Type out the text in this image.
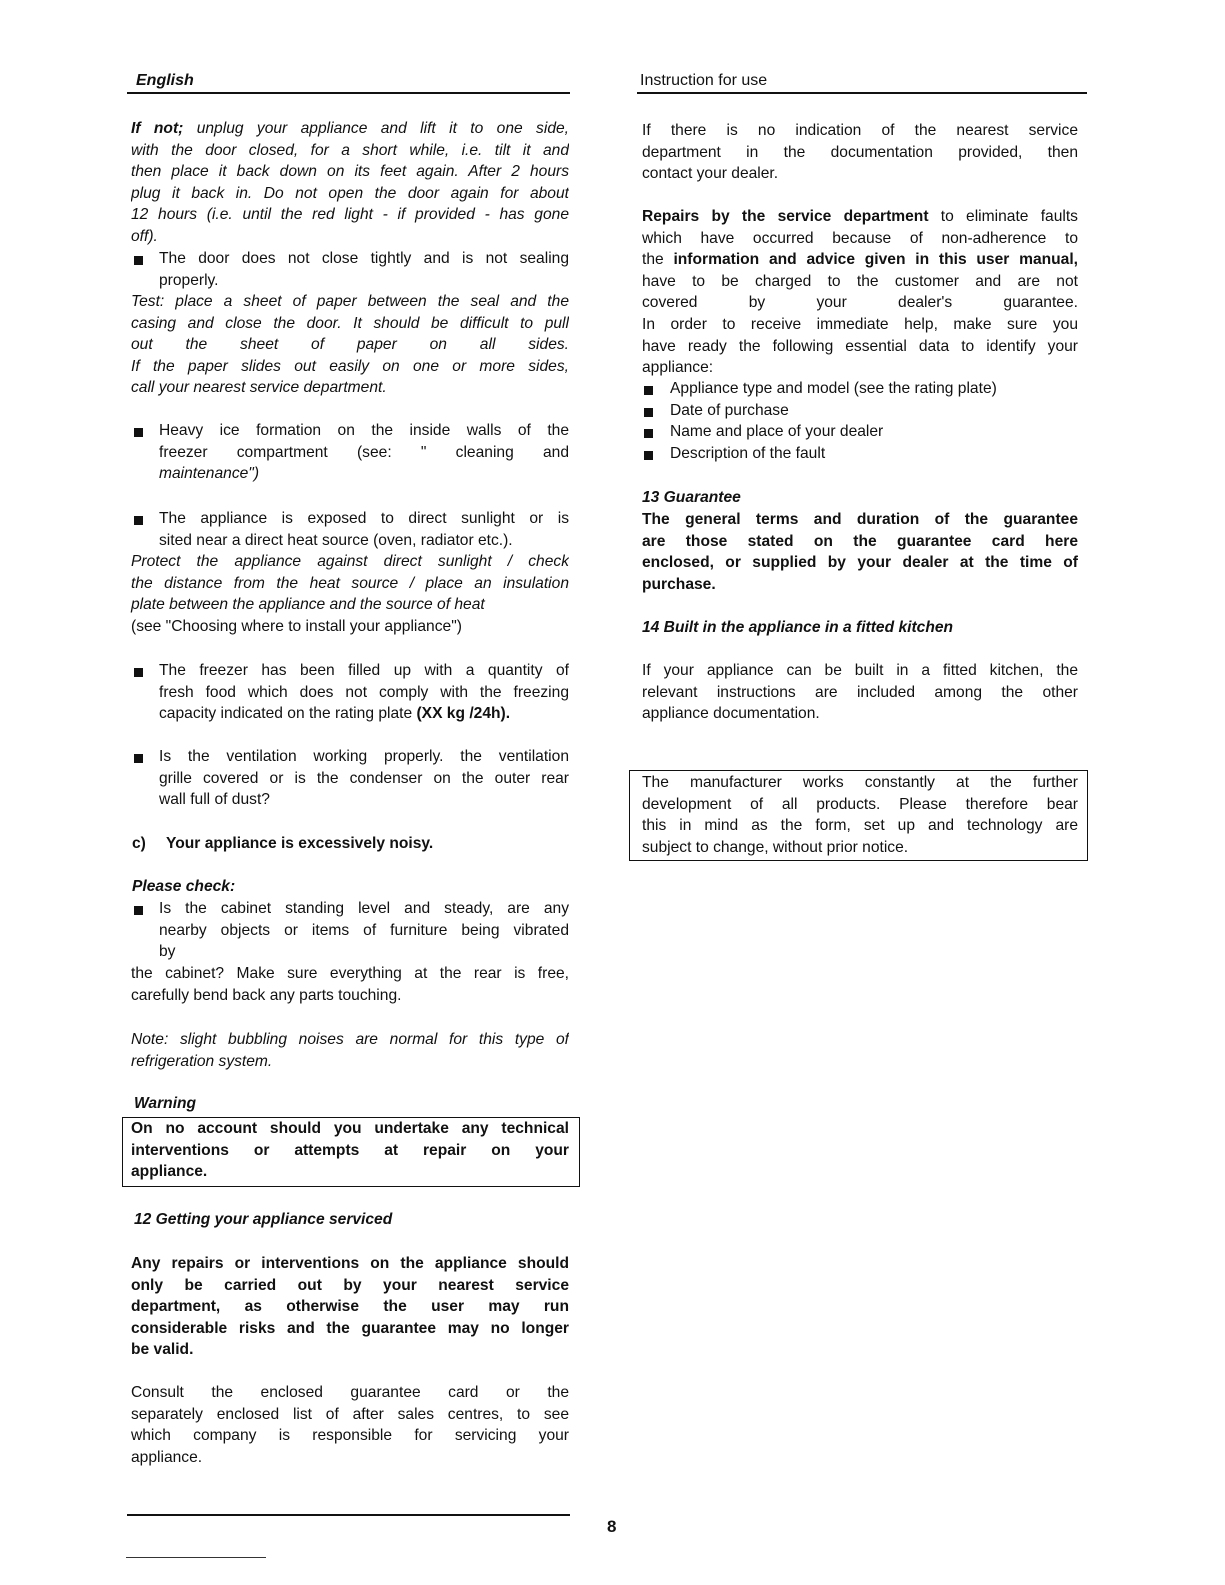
English	Instruction for use
If not; unplug your appliance and lift it to one side,
with the door closed, for a short while, i.e. tilt it and
then place it back down on its feet again. After 2 hours
plug it back in. Do not open the door again for about
12 hours (i.e. until the red light - if provided - has gone
off).
The door does not close tightly and is not sealing
properly.
Test: place a sheet of paper between the seal and the
casing and close the door. It should be difficult to pull
out the sheet of paper on all sides.
If the paper slides out easily on one or more sides,
call your nearest service department.
Heavy ice formation on the inside walls of the
freezer compartment (see: " cleaning and
maintenance")
The appliance is exposed to direct sunlight or is
sited near a direct heat source (oven, radiator etc.).
Protect the appliance against direct sunlight / check
the distance from the heat source / place an insulation
plate between the appliance and the source of heat
(see "Choosing where to install your appliance")
The freezer has been filled up with a quantity of
fresh food which does not comply with the freezing
capacity indicated on the rating plate (XX kg /24h).
Is the ventilation working properly. the ventilation
grille covered or is the condenser on the outer rear
wall full of dust?
c) Your appliance is excessively noisy.
Please check:
Is the cabinet standing level and steady, are any
nearby objects or items of furniture being vibrated
by
the cabinet? Make sure everything at the rear is free,
carefully bend back any parts touching.
Note: slight bubbling noises are normal for this type of
refrigeration system.
Warning
On no account should you undertake any technical
interventions or attempts at repair on your
appliance.
12 Getting your appliance serviced
Any repairs or interventions on the appliance should
only be carried out by your nearest service
department, as otherwise the user may run
considerable risks and the guarantee may no longer
be valid.
Consult the enclosed guarantee card or the
separately enclosed list of after sales centres, to see
which company is responsible for servicing your
appliance.
8
If there is no indication of the nearest service
department in the documentation provided, then
contact your dealer.
Repairs by the service department to eliminate faults
which have occurred because of non-adherence to
the information and advice given in this user manual,
have to be charged to the customer and are not
covered by your dealer's guarantee.
In order to receive immediate help, make sure you
have ready the following essential data to identify your
appliance:
Appliance type and model (see the rating plate)
Date of purchase
Name and place of your dealer
Description of the fault
13 Guarantee
The general terms and duration of the guarantee
are those stated on the guarantee card here
enclosed, or supplied by your dealer at the time of
purchase.
14 Built in the appliance in a fitted kitchen
If your appliance can be built in a fitted kitchen, the
relevant instructions are included among the other
appliance documentation.
The manufacturer works constantly at the further
development of all products. Please therefore bear
this in mind as the form, set up and technology are
subject to change, without prior notice.
